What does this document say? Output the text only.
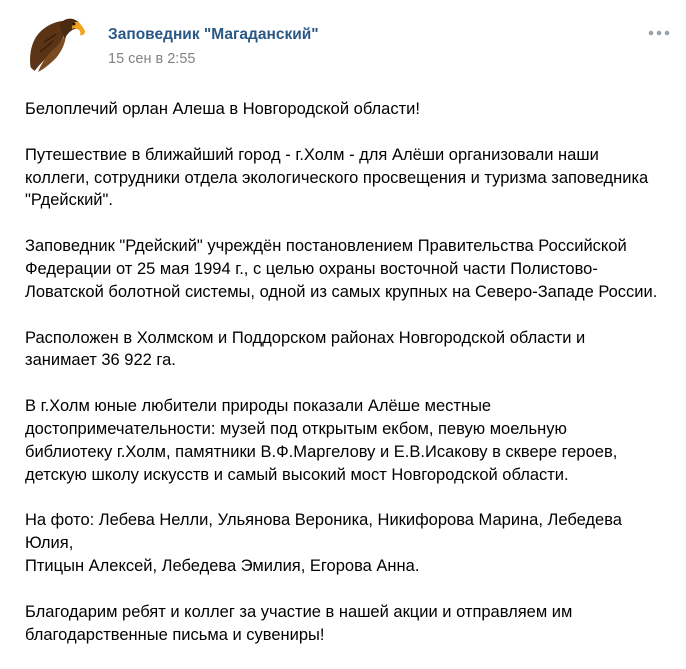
Заповедник "Магаданский"
15 сен в 2:55

Белоплечий орлан Алеша в Новгородской области!

Путешествие в ближайший город - г.Холм - для Алёши организовали наши
коллеги, сотрудники отдела экологического просвещения и туризма заповедника
"Рдейский".

Заповедник "Рдейский" учреждён постановлением Правительства Российской
Федерации от 25 мая 1994 г., с целью охраны восточной части Полистово-
Ловатской болотной системы, одной из самых крупных на Северо-Западе России.

Расположен в Холмском и Поддорском районах Новгородской области и
занимает 36 922 га.

В г.Холм юные любители природы показали Алёше местные
достопримечательности: музей под открытым екбом, певую моельную
библиотеку г.Холм, памятники В.Ф.Маргелову и Е.В.Исакову в сквере героев,
детскую школу искусств и самый высокий мост Новгородской области.

На фото: Лебева Нелли, Ульянова Вероника, Никифорова Марина, Лебедева Юлия,
Птицын Алексей, Лебедева Эмилия, Егорова Анна.

Благодарим ребят и коллег за участие в нашей акции и отправляем им
благодарственные письма и сувениры!
